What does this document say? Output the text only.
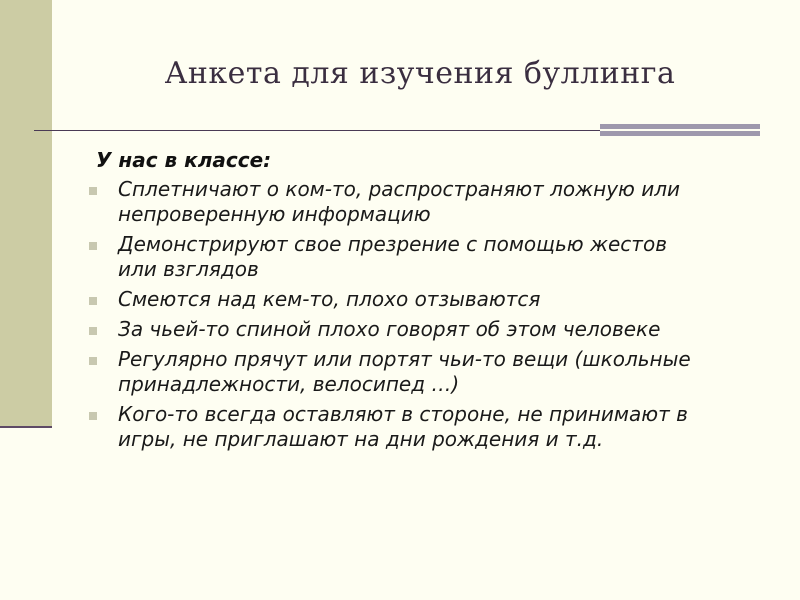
Анкета для изучения буллинга
У нас в классе:
Сплетничают о ком-то, распространяют ложную или непроверенную информацию
Демонстрируют свое презрение с помощью жестов или взглядов
Смеются над кем-то, плохо отзываются
За чьей-то спиной плохо говорят об этом человеке
Регулярно прячут или портят чьи-то вещи (школьные принадлежности, велосипед …)
Кого-то всегда оставляют в стороне, не принимают в игры, не приглашают на дни рождения и т.д.
